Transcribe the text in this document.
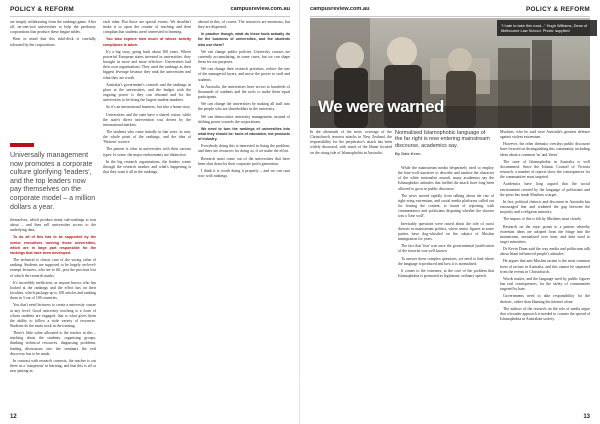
POLICY & REFORM	campusreview.com.au

are simply withdrawing from the rankings game. After all, on-one-tool universities to help the predatory corporations that produce these league tables.

Bear in mind that this tidal-deck is carefully tolerated by the corporations.

Universally management now promotes a corporate culture glorifying 'leaders', and the top leaders now pay themselves on the corporate model – a million dollars a year.

themselves, which produce many sub-rankings to tout about – and then sell universities access to the underlying data.

To do all of this has to be supported by the senior executives running those universities, which are in large part responsible for the rankings that have been developed.

The technical is classic case of the wrong value of ranking. Students are supposed to be largely on-level-exempt lecturers, who are to fill, post the precious lost of which the research marks.

It's incredibly inefficient, as anyone knows who has looked at the rankings and the effect has on their faculties, which package up to 100 articles and ranking them in 3 out of 100 countries.

You don't need lecturers to create a university course at any level. Good university teaching is a form of whom students are engaged, that is what gives them the ability to follow a wide variety of resources. Students do the main work in the training.

There's little value allocated to the teacher in this – teaching about the students, organising groups, thinking technical resources, diagnosing problems, leading discussions into the seminars the real discovery has to be made.

In contrast with research contexts, the teacher is out there as a 'competent' in learning, and that this is all or new putting in.

each other. But those are special events. We shouldn't make it so open the routine of teaching and then complain that students aren't interested in learning.

You also explore how much of whose activity compliance is taken.

It's a big story, going back about 100 years. Where powerful European states invested in universities, they brought in more and more effective. Universities had their own organisations. They used the rankings as their biggest leverage because they rank the universities and what they are worth.

Australia's government's controls and the rankings in place at the universities, and the budget with the ongoing power is they can rebound and for the universities to be doing the largest student numbers.

So it's an international business, but also a home story.

Universities and the state have a shared vision, while the state's direct intervention was driven by the international markets.

The students who came initially to that were, in turn, the whole point of the rankings, and the idea of 'Western' science.

The pattern is clear in universities with their various types. In some, the major endowments are distinctive.

In the big research organisations, the leaders create through the research market, and what's happening is that they want it all in the rankings.

abroad in this, of course. The resources are enormous, but they are dispersed.

In practice though, what do these tools actually do for the business of universities, and the students who use them?

We can change public policies. University courses are currently accumulating, in some cases, but we can shape them for our purposes.

We can change their research priorities, reduce the size of the managerial layers, and move the power to staff and students.

In Australia, the universities have access to hundreds of thousands of students and the tools to make them equal participants.

We can change the universities by making all staff into the people who are shareholders in the university.

We can democratise university management, instead of shifting power towards the corporations.

We need to turn the rankings of universities into what they should be: tools of education, not products of industry.

Everybody doing this is interested in fixing the problem, and there are resources for doing so, if we make the effort.

Research must come out of the universities that have been shut down by their corporate profit generation.

I think it is worth doing it properly – and we can start now with rankings.

12
campusreview.com.au	POLICY & REFORM

In the aftermath of the news coverage of the Christchurch terrorist attacks in New Zealand, the responsibility for the perpetrator's attack has been widely discussed, with much of the blame focused on the rising tide of Islamophobia in Australia.

While the mainstream media desperately tried to employ the lone-wolf narrative to describe and sanitise the character of the white nationalist assault, many academics say the Islamophobic attitudes that fuelled the attack have long been allowed to grow in public discourse.

The news moved rapidly from talking about the rise of right-wing extremism, and social media platforms called out for hosting the content, to issues of reporting, with commentators and politicians disputing whether the shooter was a 'lone wolf'.

Inevitably questions were raised about the role of racist rhetoric in mainstream politics, where senior figures in some parties have dog-whistled on the subject of Muslim immigration for years.

The fact that 'fear' was once the governmental justification of the terrorist was well known.

To answer these complex questions, we need to find where the language is produced and how it is normalised.

It comes to the extremes, at the core of the problem that Islamophobia is promoted as legitimate, ordinary speech.

Muslims, who he said were Australia's greatest defence against violent extremism.

However, the other thematic overlays public discourse have focused on distinguishing this community, including ideas about a common 'us' and 'them'.

The state of Islamophobia in Australia is well documented. Since the Islamic Council of Victoria research, a number of reports show the consequences for the communities most targeted.

Academics have long argued that the social environment created by the language of politicians and the press has made Muslims a target.

In fact, political rhetoric and discourse in Australia has encouraged fear and widened the gap between the majority and a religious minority.

The impact of this is felt by Muslims most closely.

Research on the topic points to a pattern whereby extremist ideas are adopted from the fringe into the mainstream, normalised over time, and then used to target minorities.

Dr Kevin Dunn said the way media and politicians talk about Islam influenced people's attitudes.

He argues that anti-Muslim racism is the most common form of racism in Australia, and this cannot be separated from the events in Christchurch.

Words matter, and the language used by public figures has real consequences, for the safety of communities targeted by hate.

Governments need to take responsibility for the rhetoric, rather than blaming the internet alone.

The authors of the research on the role of media argue that a broader approach is needed to counter the spread of Islamophobia in Australian society.

13
"I hate to take this road..." Hugh Williams, Dean of Melbourne Law School. Photo: supplied
We were warned
Normalised Islamophobic language of the far right is now entering mainstream discourse, academics say.
By Dale Keen
